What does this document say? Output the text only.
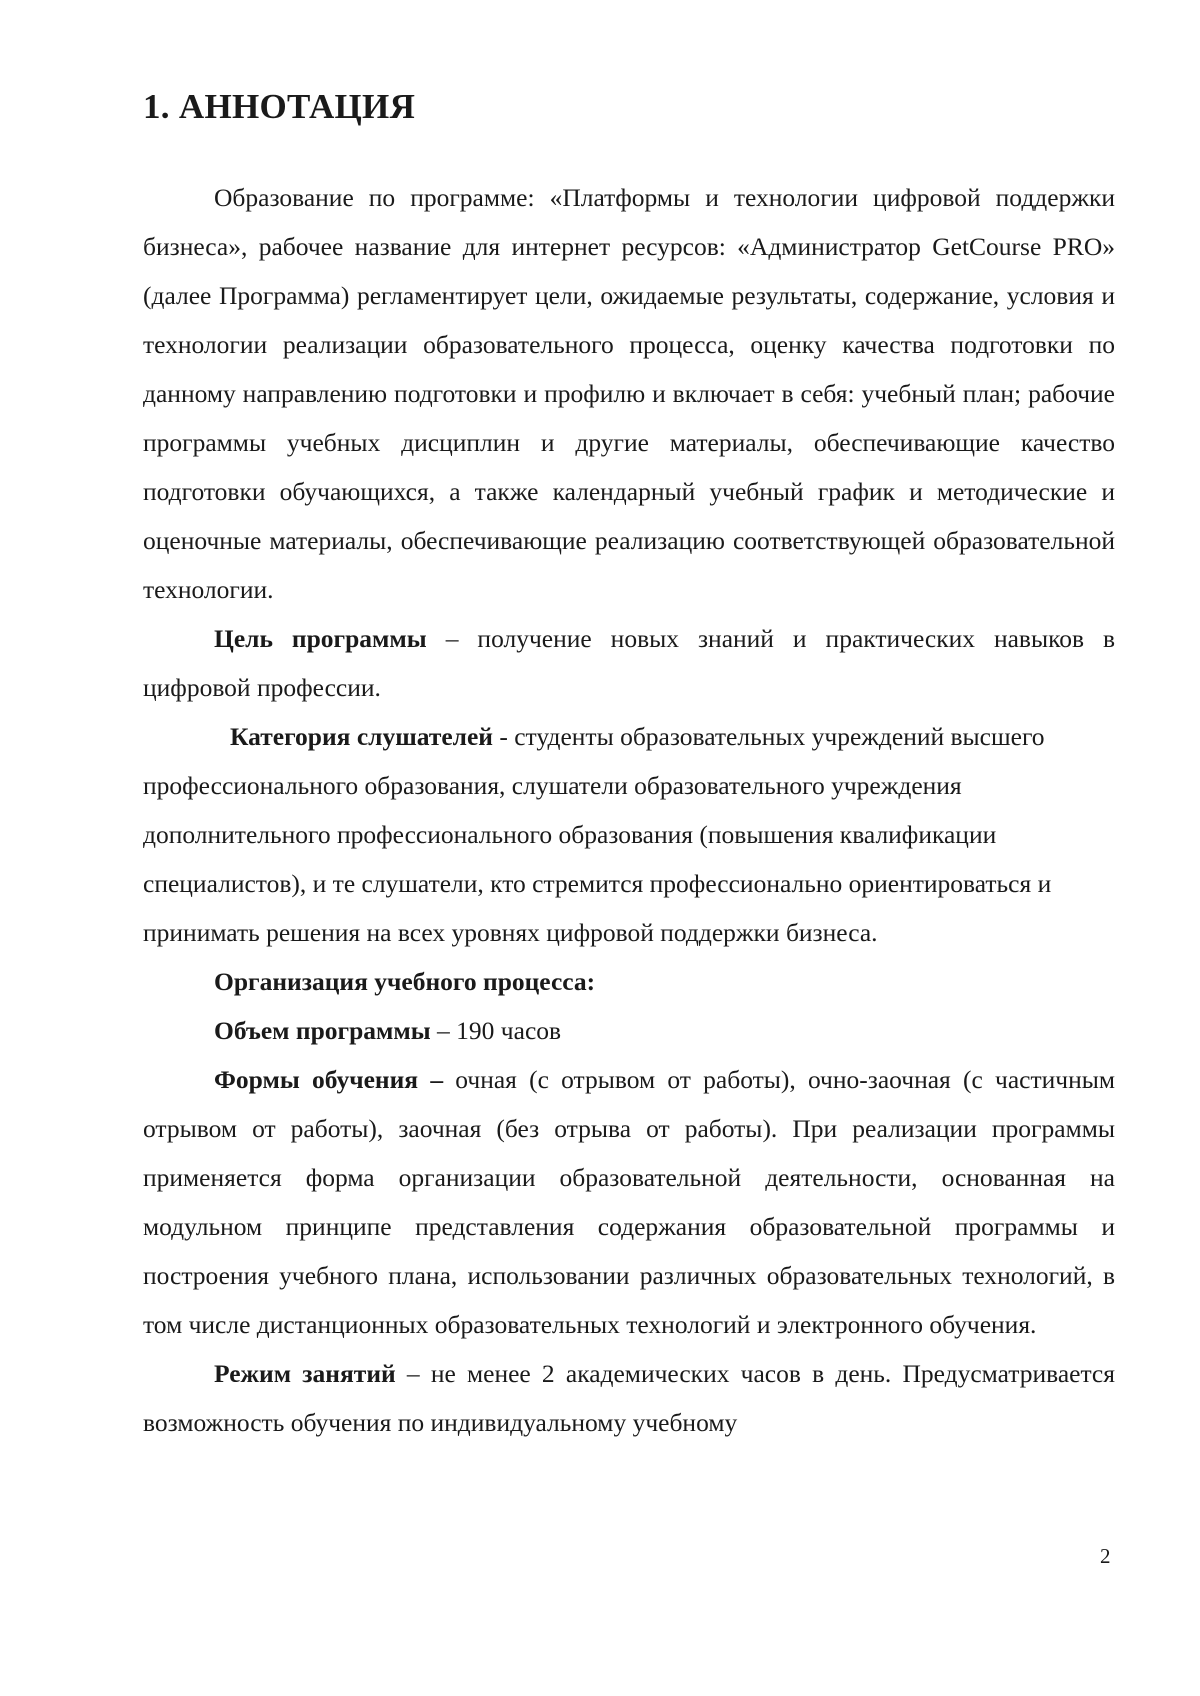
1. АННОТАЦИЯ

Образование по программе: «Платформы и технологии цифровой поддержки бизнеса», рабочее название для интернет ресурсов: «Администратор GetCourse PRO» (далее Программа) регламентирует цели, ожидаемые результаты, содержание, условия и технологии реализации образовательного процесса, оценку качества подготовки по данному направлению подготовки и профилю и включает в себя: учебный план; рабочие программы учебных дисциплин и другие материалы, обеспечивающие качество подготовки обучающихся, а также календарный учебный график и методические и оценочные материалы, обеспечивающие реализацию соответствующей образовательной технологии.

Цель программы – получение новых знаний и практических навыков в цифровой профессии.

Категория слушателей - студенты образовательных учреждений высшего профессионального образования, слушатели образовательного учреждения дополнительного профессионального образования (повышения квалификации специалистов), и те слушатели, кто стремится профессионально ориентироваться и принимать решения на всех уровнях цифровой поддержки бизнеса.

Организация учебного процесса:

Объем программы – 190 часов

Формы обучения – очная (с отрывом от работы), очно-заочная (с частичным отрывом от работы), заочная (без отрыва от работы). При реализации программы применяется форма организации образовательной деятельности, основанная на модульном принципе представления содержания образовательной программы и построения учебного плана, использовании различных образовательных технологий, в том числе дистанционных образовательных технологий и электронного обучения.

Режим занятий – не менее 2 академических часов в день. Предусматривается возможность обучения по индивидуальному учебному

2
